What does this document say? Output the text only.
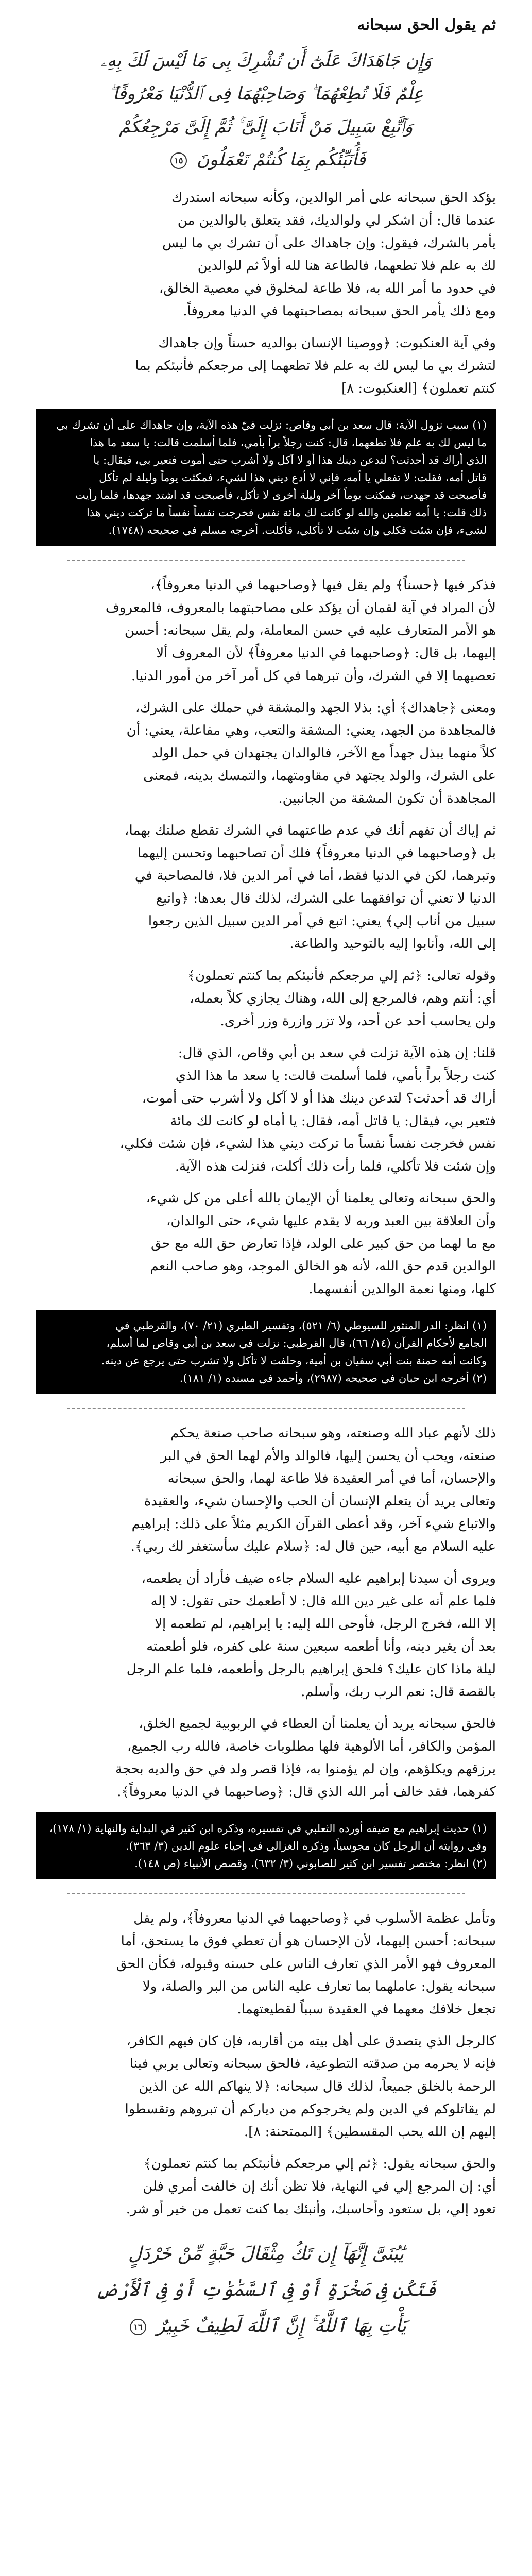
ثم يقول الحق سبحانه

وَإِن جَاهَدَاكَ عَلَىٰٓ أَن تُشْرِكَ بِى مَا لَيْسَ لَكَ بِهِۦ
عِلْمٌ فَلَا تُطِعْهُمَا ۖ وَصَاحِبْهُمَا فِى ٱلدُّنْيَا مَعْرُوفًا ۖ
وَٱتَّبِعْ سَبِيلَ مَنْ أَنَابَ إِلَىَّ ۚ ثُمَّ إِلَىَّ مَرْجِعُكُمْ
فَأُنَبِّئُكُم بِمَا كُنتُمْ تَعْمَلُونَ ١٥

يؤكد الحق سبحانه على أمر الوالدين، وكأنه سبحانه استدرك

عندما قال: أن اشكر لي ولوالديك، فقد يتعلق بالوالدين من

يأمر بالشرك، فيقول: وإن جاهداك على أن تشرك بي ما ليس

لك به علم فلا تطعهما، فالطاعة هنا لله أولاً ثم للوالدين

في حدود ما أمر الله به، فلا طاعة لمخلوق في معصية الخالق،

ومع ذلك يأمر الحق سبحانه بمصاحبتهما في الدنيا معروفاً.

وفي آية العنكبوت: ﴿ووصينا الإنسان بوالديه حسناً وإن جاهداك

لتشرك بي ما ليس لك به علم فلا تطعهما إلى مرجعكم فأنبئكم بما

كنتم تعملون﴾ [العنكبوت: ٨]

(١) سبب نزول الآية: قال سعد بن أبي وقاص: نزلت فيّ هذه الآية، وإن جاهداك على أن تشرك بي

ما ليس لك به علم فلا تطعهما، قال: كنت رجلاً براً بأمي، فلما أسلمت قالت: يا سعد ما هذا

الذي أراك قد أحدثت؟ لتدعن دينك هذا أو لا آكل ولا أشرب حتى أموت فتعير بي، فيقال: يا

قاتل أمه، فقلت: لا تفعلي يا أمه، فإني لا أدع ديني هذا لشيء، فمكثت يوماً وليلة لم تأكل

فأصبحت قد جهدت، فمكثت يوماً آخر وليلة أخرى لا تأكل، فأصبحت قد اشتد جهدها، فلما رأيت

ذلك قلت: يا أمه تعلمين والله لو كانت لك مائة نفس فخرجت نفساً نفساً ما تركت ديني هذا

لشيء، فإن شئت فكلي وإن شئت لا تأكلي، فأكلت. أخرجه مسلم في صحيحه (١٧٤٨).

فذكر فيها ﴿حسناً﴾ ولم يقل فيها ﴿وصاحبهما في الدنيا معروفاً﴾،

لأن المراد في آية لقمان أن يؤكد على مصاحبتهما بالمعروف، فالمعروف

هو الأمر المتعارف عليه في حسن المعاملة، ولم يقل سبحانه: أحسن

إليهما، بل قال: ﴿وصاحبهما في الدنيا معروفاً﴾ لأن المعروف ألا

تعصيهما إلا في الشرك، وأن تبرهما في كل أمر آخر من أمور الدنيا.

ومعنى ﴿جاهداك﴾ أي: بذلا الجهد والمشقة في حملك على الشرك،

فالمجاهدة من الجهد، يعني: المشقة والتعب، وهي مفاعلة، يعني: أن

كلاً منهما يبذل جهداً مع الآخر، فالوالدان يجتهدان في حمل الولد

على الشرك، والولد يجتهد في مقاومتهما، والتمسك بدينه، فمعنى

المجاهدة أن تكون المشقة من الجانبين.

ثم إياك أن تفهم أنك في عدم طاعتهما في الشرك تقطع صلتك بهما،

بل ﴿وصاحبهما في الدنيا معروفاً﴾ فلك أن تصاحبهما وتحسن إليهما

وتبرهما، لكن في الدنيا فقط، أما في أمر الدين فلا، فالمصاحبة في

الدنيا لا تعني أن توافقهما على الشرك، لذلك قال بعدها: ﴿واتبع

سبيل من أناب إلي﴾ يعني: اتبع في أمر الدين سبيل الذين رجعوا

إلى الله، وأنابوا إليه بالتوحيد والطاعة.

وقوله تعالى: ﴿ثم إلي مرجعكم فأنبئكم بما كنتم تعملون﴾

أي: أنتم وهم، فالمرجع إلى الله، وهناك يجازي كلاً بعمله،

ولن يحاسب أحد عن أحد، ولا تزر وازرة وزر أخرى.

قلنا: إن هذه الآية نزلت في سعد بن أبي وقاص، الذي قال:

كنت رجلاً براً بأمي، فلما أسلمت قالت: يا سعد ما هذا الذي

أراك قد أحدثت؟ لتدعن دينك هذا أو لا آكل ولا أشرب حتى أموت،

فتعير بي، فيقال: يا قاتل أمه، فقال: يا أماه لو كانت لك مائة

نفس فخرجت نفساً نفساً ما تركت ديني هذا لشيء، فإن شئت فكلي،

وإن شئت فلا تأكلي، فلما رأت ذلك أكلت، فنزلت هذه الآية.

والحق سبحانه وتعالى يعلمنا أن الإيمان بالله أعلى من كل شيء،

وأن العلاقة بين العبد وربه لا يقدم عليها شيء، حتى الوالدان،

مع ما لهما من حق كبير على الولد، فإذا تعارض حق الله مع حق

الوالدين قدم حق الله، لأنه هو الخالق الموجد، وهو صاحب النعم

كلها، ومنها نعمة الوالدين أنفسهما.

(١) انظر: الدر المنثور للسيوطي (٦/ ٥٢١)، وتفسير الطبري (٢١/ ٧٠)، والقرطبي في

الجامع لأحكام القرآن (١٤/ ٦٦)، قال القرطبي: نزلت في سعد بن أبي وقاص لما أسلم،

وكانت أمه حمنة بنت أبي سفيان بن أمية، وحلفت لا تأكل ولا تشرب حتى يرجع عن دينه.

(٢) أخرجه ابن حبان في صحيحه (٢٩٨٧)، وأحمد في مسنده (١/ ١٨١).

ذلك لأنهم عباد الله وصنعته، وهو سبحانه صاحب صنعة يحكم

صنعته، ويحب أن يحسن إليها، فالوالد والأم لهما الحق في البر

والإحسان، أما في أمر العقيدة فلا طاعة لهما، والحق سبحانه

وتعالى يريد أن يتعلم الإنسان أن الحب والإحسان شيء، والعقيدة

والاتباع شيء آخر، وقد أعطى القرآن الكريم مثلاً على ذلك: إبراهيم

عليه السلام مع أبيه، حين قال له: ﴿سلام عليك سأستغفر لك ربي﴾.

ويروى أن سيدنا إبراهيم عليه السلام جاءه ضيف فأراد أن يطعمه،

فلما علم أنه على غير دين الله قال: لا أطعمك حتى تقول: لا إله

إلا الله، فخرج الرجل، فأوحى الله إليه: يا إبراهيم، لم تطعمه إلا

بعد أن يغير دينه، وأنا أطعمه سبعين سنة على كفره، فلو أطعمته

ليلة ماذا كان عليك؟ فلحق إبراهيم بالرجل وأطعمه، فلما علم الرجل

بالقصة قال: نعم الرب ربك، وأسلم.

فالحق سبحانه يريد أن يعلمنا أن العطاء في الربوبية لجميع الخلق،

المؤمن والكافر، أما الألوهية فلها مطلوبات خاصة، فالله رب الجميع،

يرزقهم ويكلؤهم، وإن لم يؤمنوا به، فإذا قصر ولد في حق والديه بحجة

كفرهما، فقد خالف أمر الله الذي قال: ﴿وصاحبهما في الدنيا معروفاً﴾.

(١) حديث إبراهيم مع ضيفه أورده الثعلبي في تفسيره، وذكره ابن كثير في البداية والنهاية (١/ ١٧٨)،

وفي روايته أن الرجل كان مجوسياً، وذكره الغزالي في إحياء علوم الدين (٣/ ٣٦٣).

(٢) انظر: مختصر تفسير ابن كثير للصابوني (٣/ ٦٣٢)، وقصص الأنبياء (ص ١٤٨).

وتأمل عظمة الأسلوب في ﴿وصاحبهما في الدنيا معروفاً﴾، ولم يقل

سبحانه: أحسن إليهما، لأن الإحسان هو أن تعطي فوق ما يستحق، أما

المعروف فهو الأمر الذي تعارف الناس على حسنه وقبوله، فكأن الحق

سبحانه يقول: عاملهما بما تعارف عليه الناس من البر والصلة، ولا

تجعل خلافك معهما في العقيدة سبباً لقطيعتهما.

كالرجل الذي يتصدق على أهل بيته من أقاربه، فإن كان فيهم الكافر،

فإنه لا يحرمه من صدقته التطوعية، فالحق سبحانه وتعالى يربي فينا

الرحمة بالخلق جميعاً، لذلك قال سبحانه: ﴿لا ينهاكم الله عن الذين

لم يقاتلوكم في الدين ولم يخرجوكم من دياركم أن تبروهم وتقسطوا

إليهم إن الله يحب المقسطين﴾ [الممتحنة: ٨].

والحق سبحانه يقول: ﴿ثم إلي مرجعكم فأنبئكم بما كنتم تعملون﴾

أي: إن المرجع إلي في النهاية، فلا تظن أنك إن خالفت أمري فلن

تعود إلي، بل ستعود وأحاسبك، وأنبئك بما كنت تعمل من خير أو شر.

يَٰبُنَىَّ إِنَّهَآ إِن تَكُ مِثْقَالَ حَبَّةٍ مِّنْ خَرْدَلٍ
فَتَكُن فِى صَخْرَةٍ أَوْ فِى ٱلسَّمَٰوَٰتِ أَوْ فِى ٱلْأَرْضِ
يَأْتِ بِهَا ٱللَّهُ ۚ إِنَّ ٱللَّهَ لَطِيفٌ خَبِيرٌ ١٦
